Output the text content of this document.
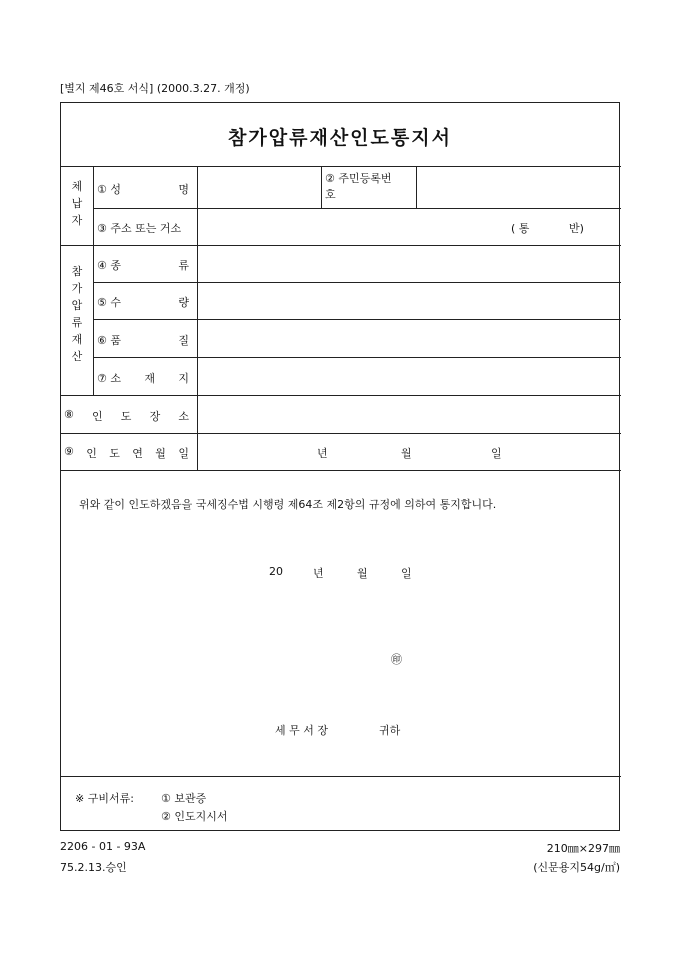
[별지 제46호 서식] (2000.3.27. 개정)
참가압류재산인도통지서
체
납
자
① 성	명
② 주민등록번
호
③ 주소 또는 거소	( 통	반)
참
가
압
류
재
산
④ 종	류
⑤ 수	량
⑥ 품	질
⑦ 소 재 지
⑧ 인 도 장 소
⑨ 인 도 연 월 일	년	월	일
위와 같이 인도하겠음을 국세징수법 시행령 제64조 제2항의 규정에 의하여 통지합니다.
20	년	월	일
㊞
세 무 서 장	귀하
※ 구비서류: ① 보관증
② 인도지시서
2206 - 01 - 93A
75.2.13.승인
210㎜×297㎜
(신문용지54g/㎡)
